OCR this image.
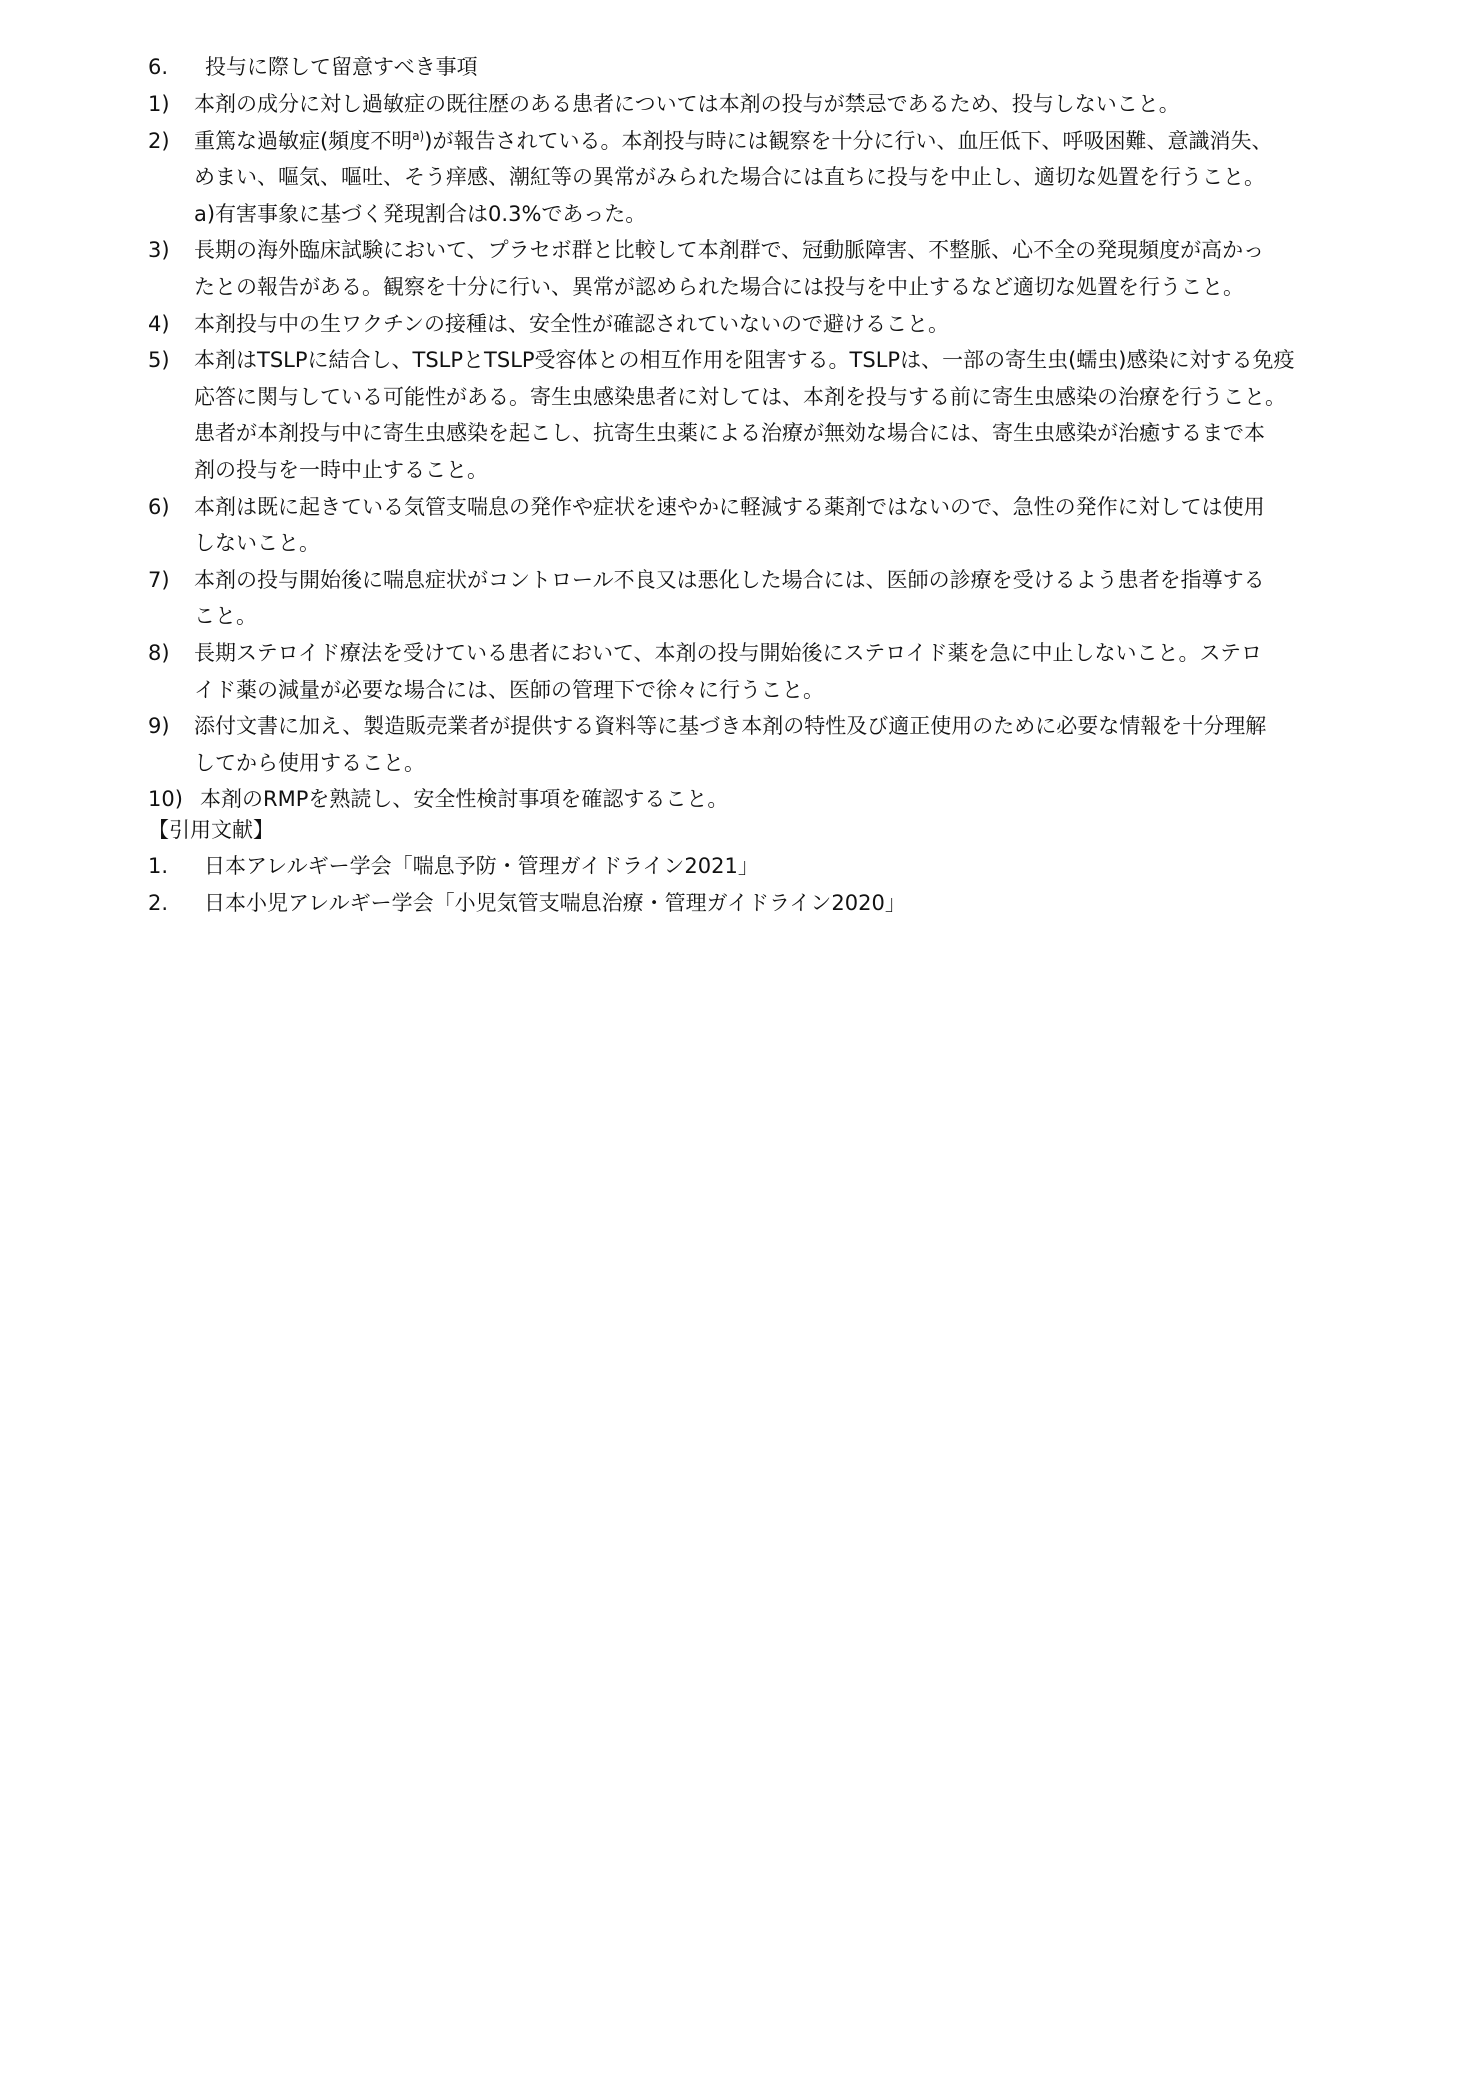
6. 投与に際して留意すべき事項
1) 本剤の成分に対し過敏症の既往歴のある患者については本剤の投与が禁忌であるため、投与しないこと。
2) 重篤な過敏症(頻度不明$^{a)}$)が報告されている。本剤投与時には観察を十分に行い、血圧低下、呼吸困難、意識消失、
めまい、嘔気、嘔吐、そう痒感、潮紅等の異常がみられた場合には直ちに投与を中止し、適切な処置を行うこと。
a)有害事象に基づく発現割合は0.3%であった。
3) 長期の海外臨床試験において、プラセボ群と比較して本剤群で、冠動脈障害、不整脈、心不全の発現頻度が高かっ
たとの報告がある。観察を十分に行い、異常が認められた場合には投与を中止するなど適切な処置を行うこと。
4) 本剤投与中の生ワクチンの接種は、安全性が確認されていないので避けること。
5) 本剤はTSLPに結合し、TSLPとTSLP受容体との相互作用を阻害する。TSLPは、一部の寄生虫(蠕虫)感染に対する免疫
応答に関与している可能性がある。寄生虫感染患者に対しては、本剤を投与する前に寄生虫感染の治療を行うこと。
患者が本剤投与中に寄生虫感染を起こし、抗寄生虫薬による治療が無効な場合には、寄生虫感染が治癒するまで本
剤の投与を一時中止すること。
6) 本剤は既に起きている気管支喘息の発作や症状を速やかに軽減する薬剤ではないので、急性の発作に対しては使用
しないこと。
7) 本剤の投与開始後に喘息症状がコントロール不良又は悪化した場合には、医師の診療を受けるよう患者を指導する
こと。
8) 長期ステロイド療法を受けている患者において、本剤の投与開始後にステロイド薬を急に中止しないこと。ステロ
イド薬の減量が必要な場合には、医師の管理下で徐々に行うこと。
9) 添付文書に加え、製造販売業者が提供する資料等に基づき本剤の特性及び適正使用のために必要な情報を十分理解
してから使用すること。
10) 本剤のRMPを熟読し、安全性検討事項を確認すること。
【引用文献】
1. 日本アレルギー学会「喘息予防・管理ガイドライン2021」
2. 日本小児アレルギー学会「小児気管支喘息治療・管理ガイドライン2020」
